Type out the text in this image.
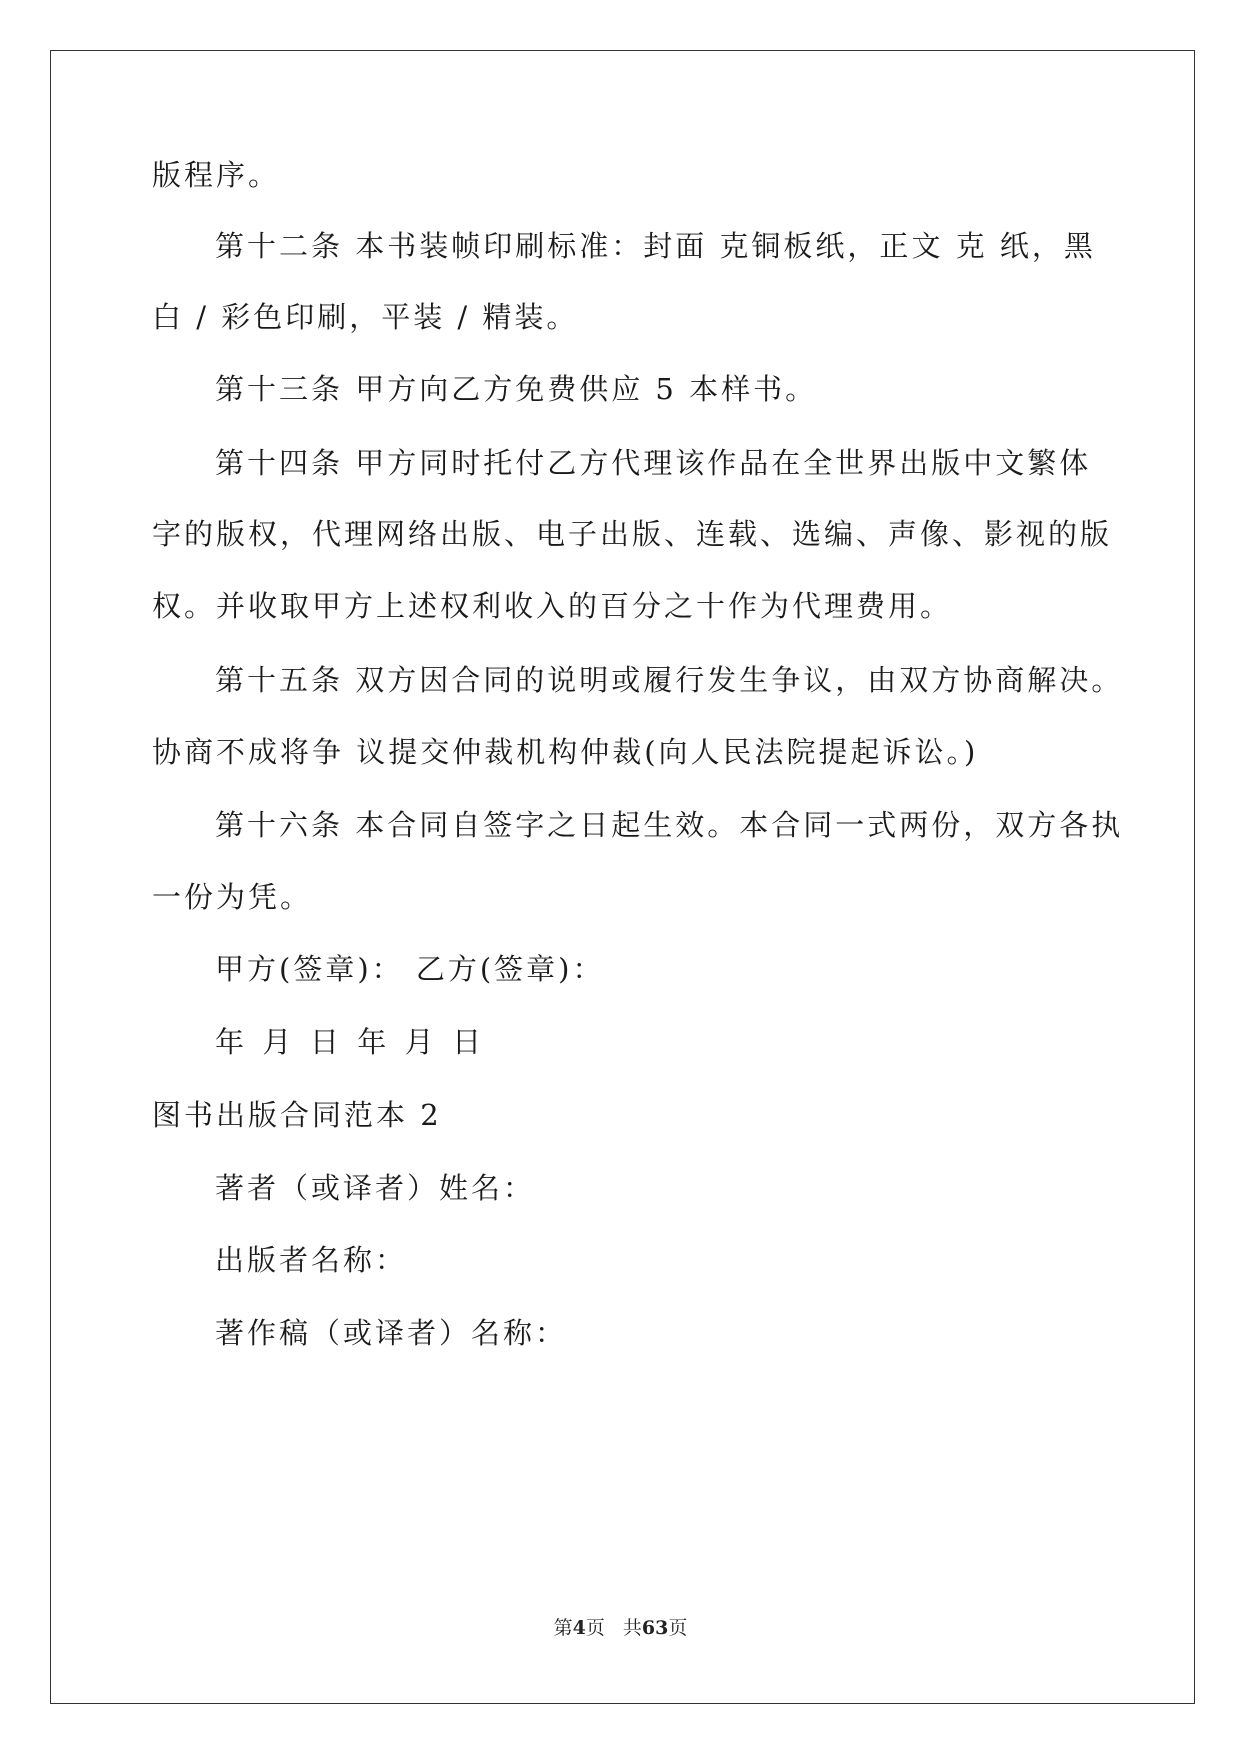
版程序。
第十二条 本书装帧印刷标准：封面 克铜板纸，正文 克 纸，黑
白 / 彩色印刷，平装 / 精装。
第十三条 甲方向乙方免费供应 5 本样书。
第十四条 甲方同时托付乙方代理该作品在全世界出版中文繁体
字的版权，代理网络出版、电子出版、连载、选编、声像、影视的版
权。并收取甲方上述权利收入的百分之十作为代理费用。
第十五条 双方因合同的说明或履行发生争议，由双方协商解决。
协商不成将争 议提交仲裁机构仲裁(向人民法院提起诉讼。)
第十六条 本合同自签字之日起生效。本合同一式两份，双方各执
一份为凭。
甲方(签章)： 乙方(签章)：
年 月 日 年 月 日
图书出版合同范本 2
著者（或译者）姓名：
出版者名称：
著作稿（或译者）名称：
第4页 共63页
